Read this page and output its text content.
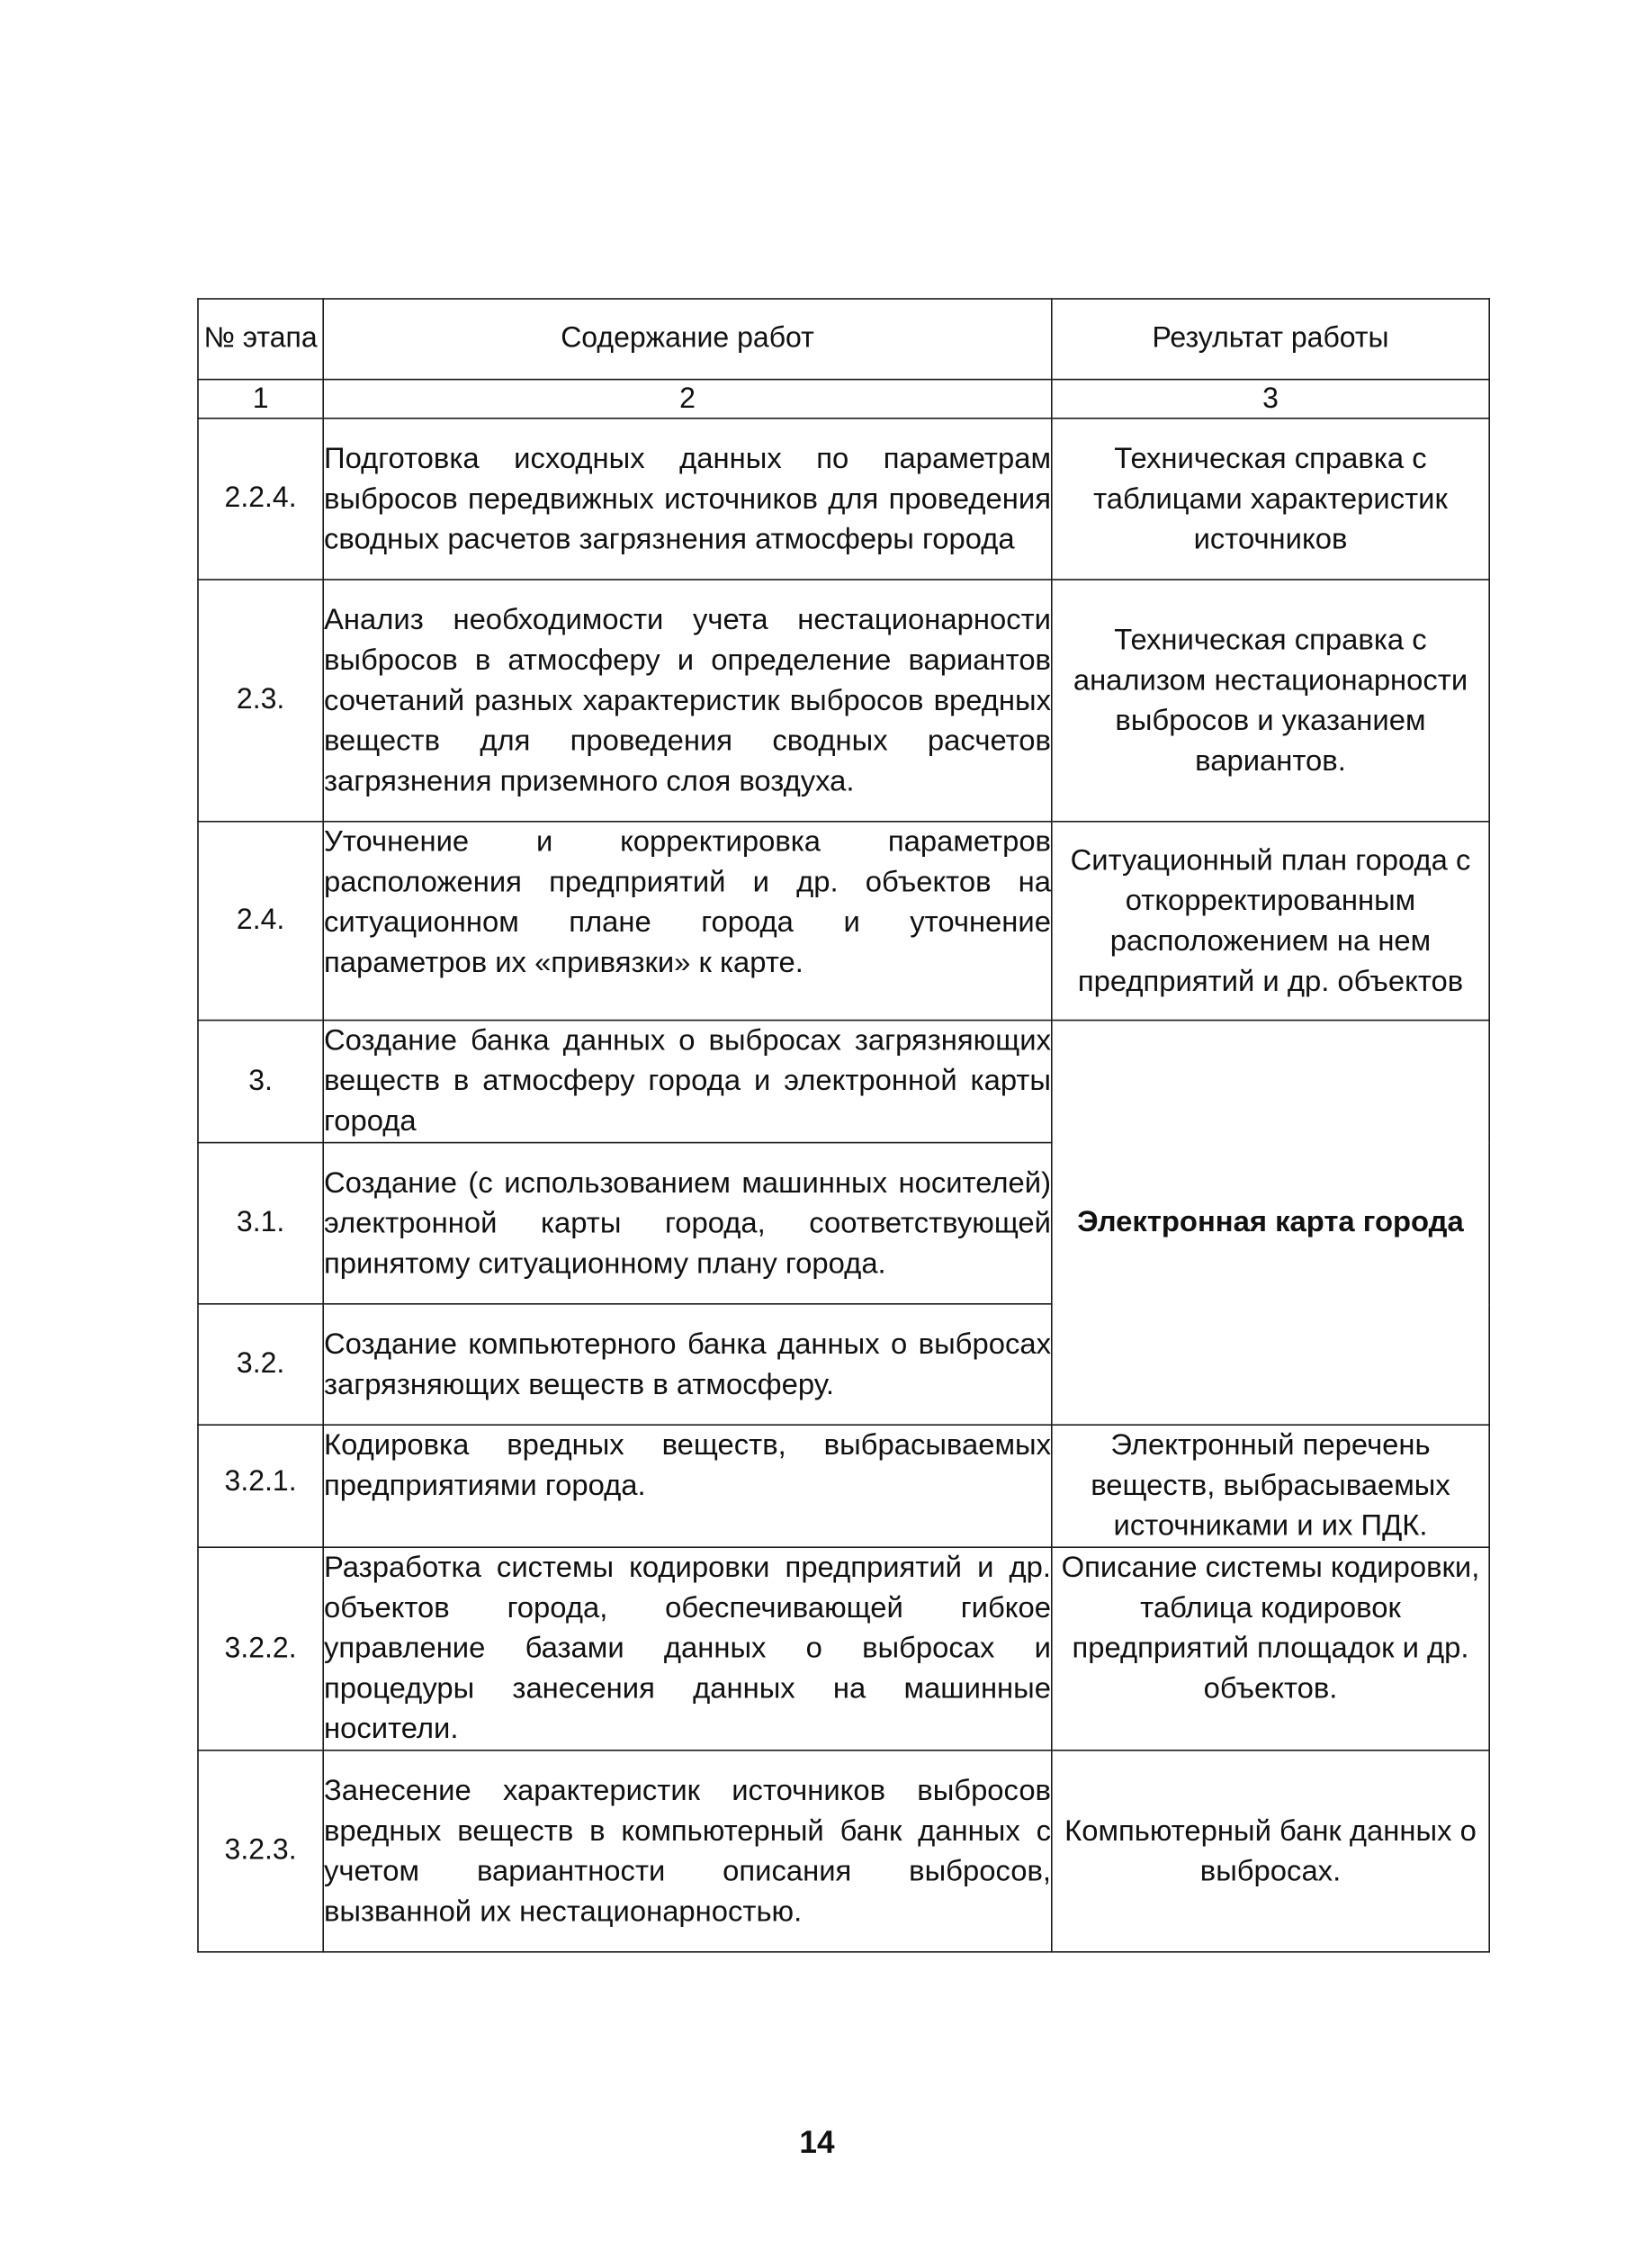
№ этапа	Содержание работ	Результат работы
1	2	3
2.2.4.	Подготовка исходных данных по параметрам выбросов передвижных источников для проведения сводных расчетов загрязнения атмосферы города	Техническая справка с таблицами характеристик источников
2.3.	Анализ необходимости учета нестационарности выбросов в атмосферу и определение вариантов сочетаний разных характеристик выбросов вредных веществ для проведения сводных расчетов загрязнения приземного слоя воздуха.	Техническая справка с анализом нестационарности выбросов и указанием вариантов.
2.4.	Уточнение и корректировка параметров расположения предприятий и др. объектов на ситуационном плане города и уточнение параметров их «привязки» к карте.	Ситуационный план города с откорректированным расположением на нем предприятий и др. объектов
3.	Создание банка данных о выбросах загрязняющих веществ в атмосферу города и электронной карты города	Электронная карта города
3.1.	Создание (с использованием машинных носителей) электронной карты города, соответствующей принятому ситуационному плану города.	
3.2.	Создание компьютерного банка данных о выбросах загрязняющих веществ в атмосферу.	
3.2.1.	Кодировка вредных веществ, выбрасываемых предприятиями города.	Электронный перечень веществ, выбрасываемых источниками и их ПДК.
3.2.2.	Разработка системы кодировки предприятий и др. объектов города, обеспечивающей гибкое управление базами данных о выбросах и процедуры занесения данных на машинные носители.	Описание системы кодировки, таблица кодировок предприятий площадок и др. объектов.
3.2.3.	Занесение характеристик источников выбросов вредных веществ в компьютерный банк данных с учетом вариантности описания выбросов, вызванной их нестационарностью.	Компьютерный банк данных о выбросах.
14
